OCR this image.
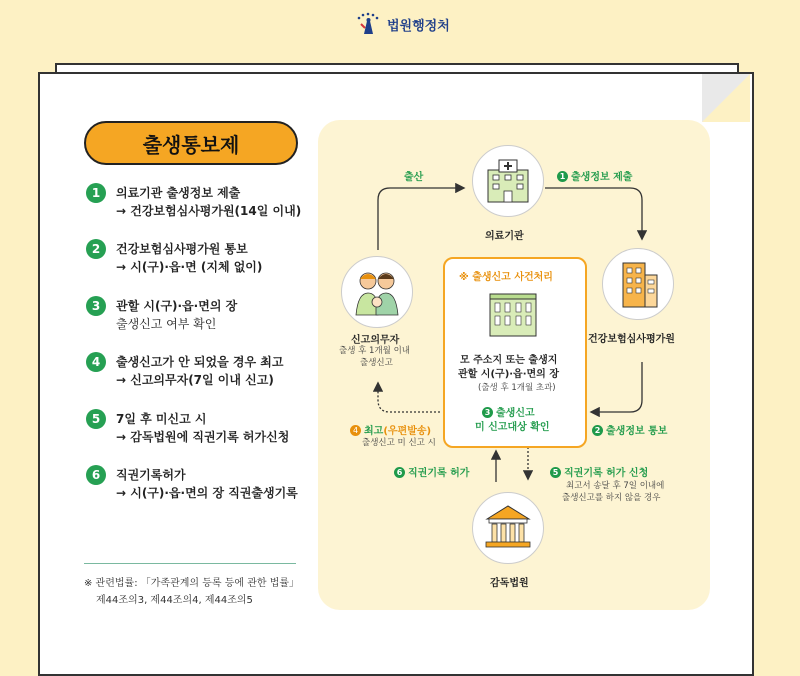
법원행정처
출생통보제
1	의료기관 출생정보 제출
→ 건강보험심사평가원(14일 이내)
2	건강보험심사평가원 통보
→ 시(구)·읍·면 (지체 없이)
3	관할 시(구)·읍·면의 장
출생신고 여부 확인
4	출생신고가 안 되었을 경우 최고
→ 신고의무자(7일 이내 신고)
5	7일 후 미신고 시
→ 감독법원에 직권기록 허가신청
6	직권기록허가
→ 시(구)·읍·면의 장 직권출생기록
※ 관련법률: 「가족관계의 등록 등에 관한 법률」
제44조의3, 제44조의4, 제44조의5
의료기관
건강보험심사평가원
신고의무자
출생 후 1개월 이내
출생신고
감독법원
※ 출생신고 사건처리
모 주소지 또는 출생지
관할 시(구)·읍·면의 장
(출생 후 1개월 초과)
3 출생신고
미 신고대상 확인
출산	1 출생정보 제출
2 출생정보 통보
4 최고(우편발송)
출생신고 미 신고 시
6 직권기록 허가	5 직권기록 허가 신청
최고서 송달 후 7일 이내에
출생신고를 하지 않을 경우
